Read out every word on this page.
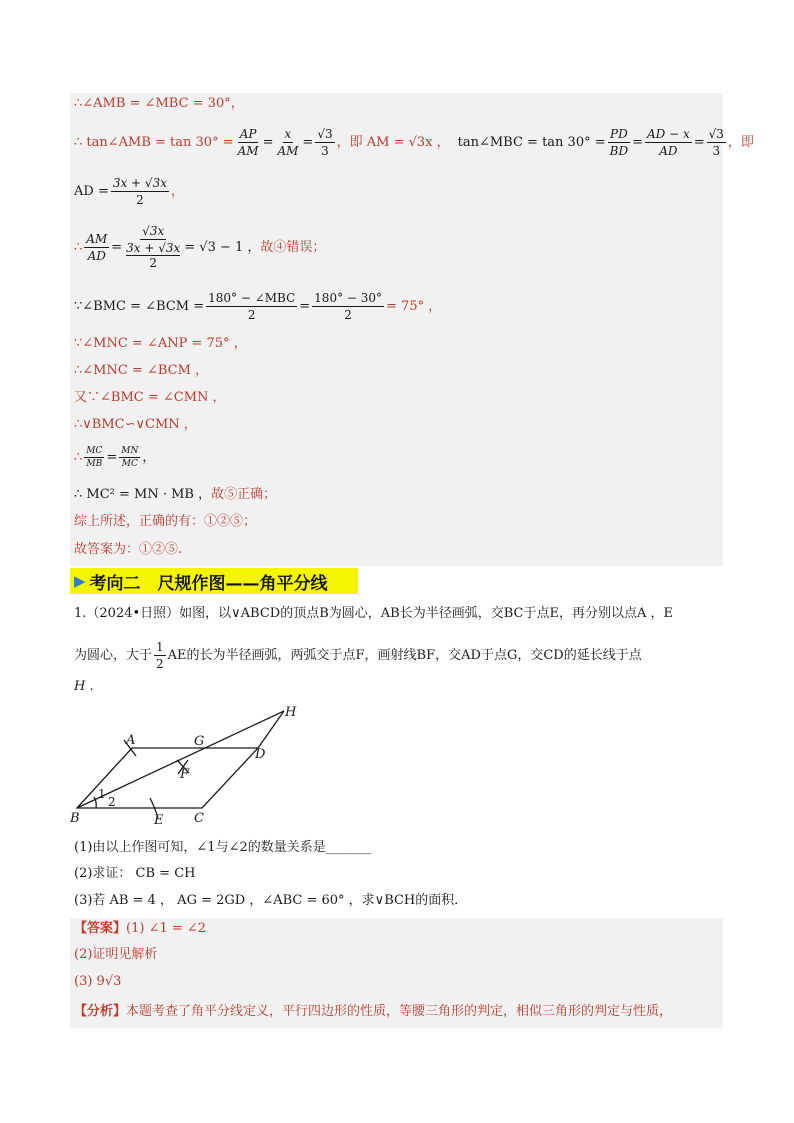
∴∠AMB = ∠MBC = 30°，
∴ tan∠AMB = $\tan 30^\circ = \frac{AP}{AM} = \frac{x}{AM} = \frac{√3}{3}$ ，即 AM = √3x ， tan∠MBC = $\tan 30^\circ = \frac{PD}{BD} = \frac{AD - x}{AD} = \frac{√3}{3}$ ，即
AD = $\frac{3x + √3x}{2}$ ，
∴ $\frac{AM}{AD} = √3x$
3x + √3x
2 = √3 − 1 ， 故④错误；
∵∠BMC = ∠BCM = $\frac{\text{180° − ∠MBC}}{2} = \frac{180^\circ - 30^\circ}{2} = 75^\circ$ ，
∵∠MNC = ∠ANP = 75° ，
∴∠MNC = ∠BCM ，
又∵∠BMC = ∠CMN ，
∴∨BMC∽∨CMN ，
∴ $\frac{MC}{MB} = \frac{MN}{MC}$ ，
∴ MC² = MN · MB ， 故⑤正确；
综上所述，正确的有：①②⑤；
故答案为：①②⑤.
▶ 考向二　尺规作图——角平分线
1.（2024•日照）如图，以∨ABCD的顶点B为圆心，AB长为半径画弧，交BC于点E，再分别以点A ，E
为圆心，大于 $\frac{1}{2}$ AE的长为半径画弧，两弧交于点F，画射线BF，交AD于点G，交CD的延长线于点
H .
A	G
D
H
F
B	E C
1
2
(1)由以上作图可知，∠1与∠2的数量关系是_______
(2)求证： CB = CH
(3)若 AB = 4 ， AG = 2GD ，∠ABC = 60° ，求∨BCH的面积．
【答案】 (1) ∠1 = ∠2
(2)证明见解析
(3) 9√3
【分析】 本题考查了角平分线定义，平行四边形的性质，等腰三角形的判定，相似三角形的判定与性质，
